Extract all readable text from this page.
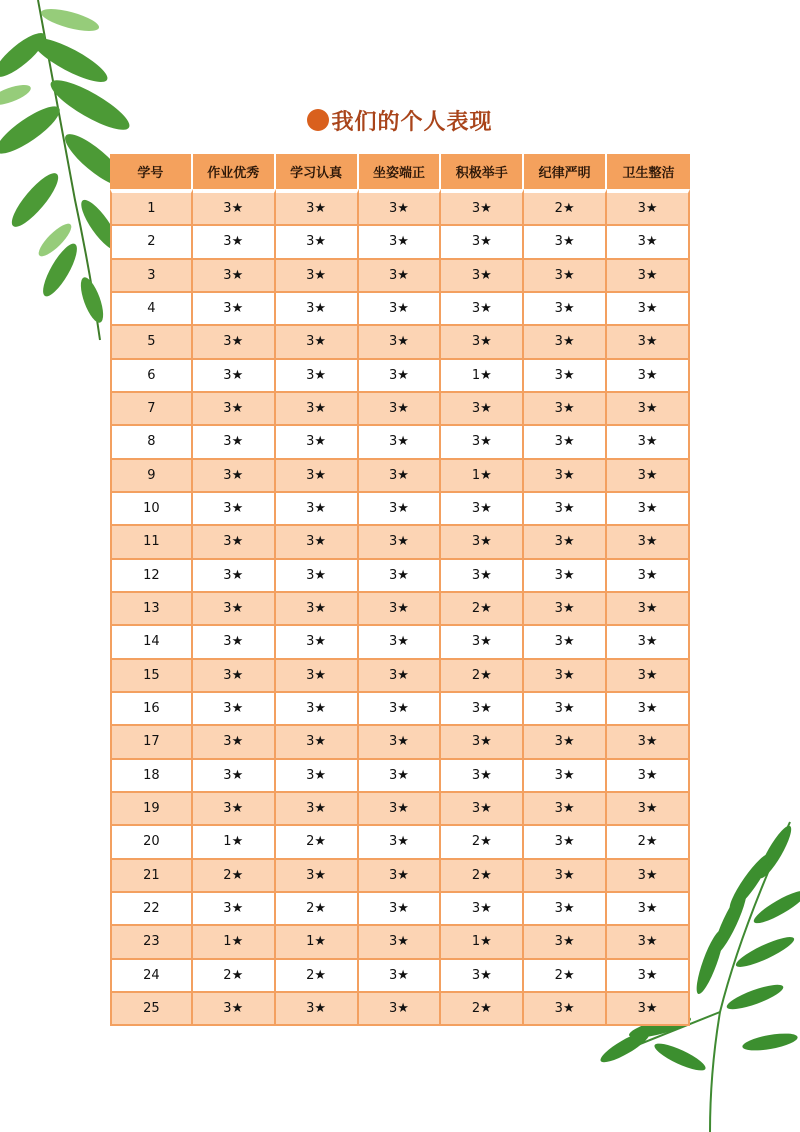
我们的个人表现
学号	作业优秀	学习认真	坐姿端正	积极举手	纪律严明	卫生整洁
1	3★	3★	3★	3★	2★	3★
2	3★	3★	3★	3★	3★	3★
3	3★	3★	3★	3★	3★	3★
4	3★	3★	3★	3★	3★	3★
5	3★	3★	3★	3★	3★	3★
6	3★	3★	3★	1★	3★	3★
7	3★	3★	3★	3★	3★	3★
8	3★	3★	3★	3★	3★	3★
9	3★	3★	3★	1★	3★	3★
10	3★	3★	3★	3★	3★	3★
11	3★	3★	3★	3★	3★	3★
12	3★	3★	3★	3★	3★	3★
13	3★	3★	3★	2★	3★	3★
14	3★	3★	3★	3★	3★	3★
15	3★	3★	3★	2★	3★	3★
16	3★	3★	3★	3★	3★	3★
17	3★	3★	3★	3★	3★	3★
18	3★	3★	3★	3★	3★	3★
19	3★	3★	3★	3★	3★	3★
20	1★	2★	3★	2★	3★	2★
21	2★	3★	3★	2★	3★	3★
22	3★	2★	3★	3★	3★	3★
23	1★	1★	3★	1★	3★	3★
24	2★	2★	3★	3★	2★	3★
25	3★	3★	3★	2★	3★	3★
